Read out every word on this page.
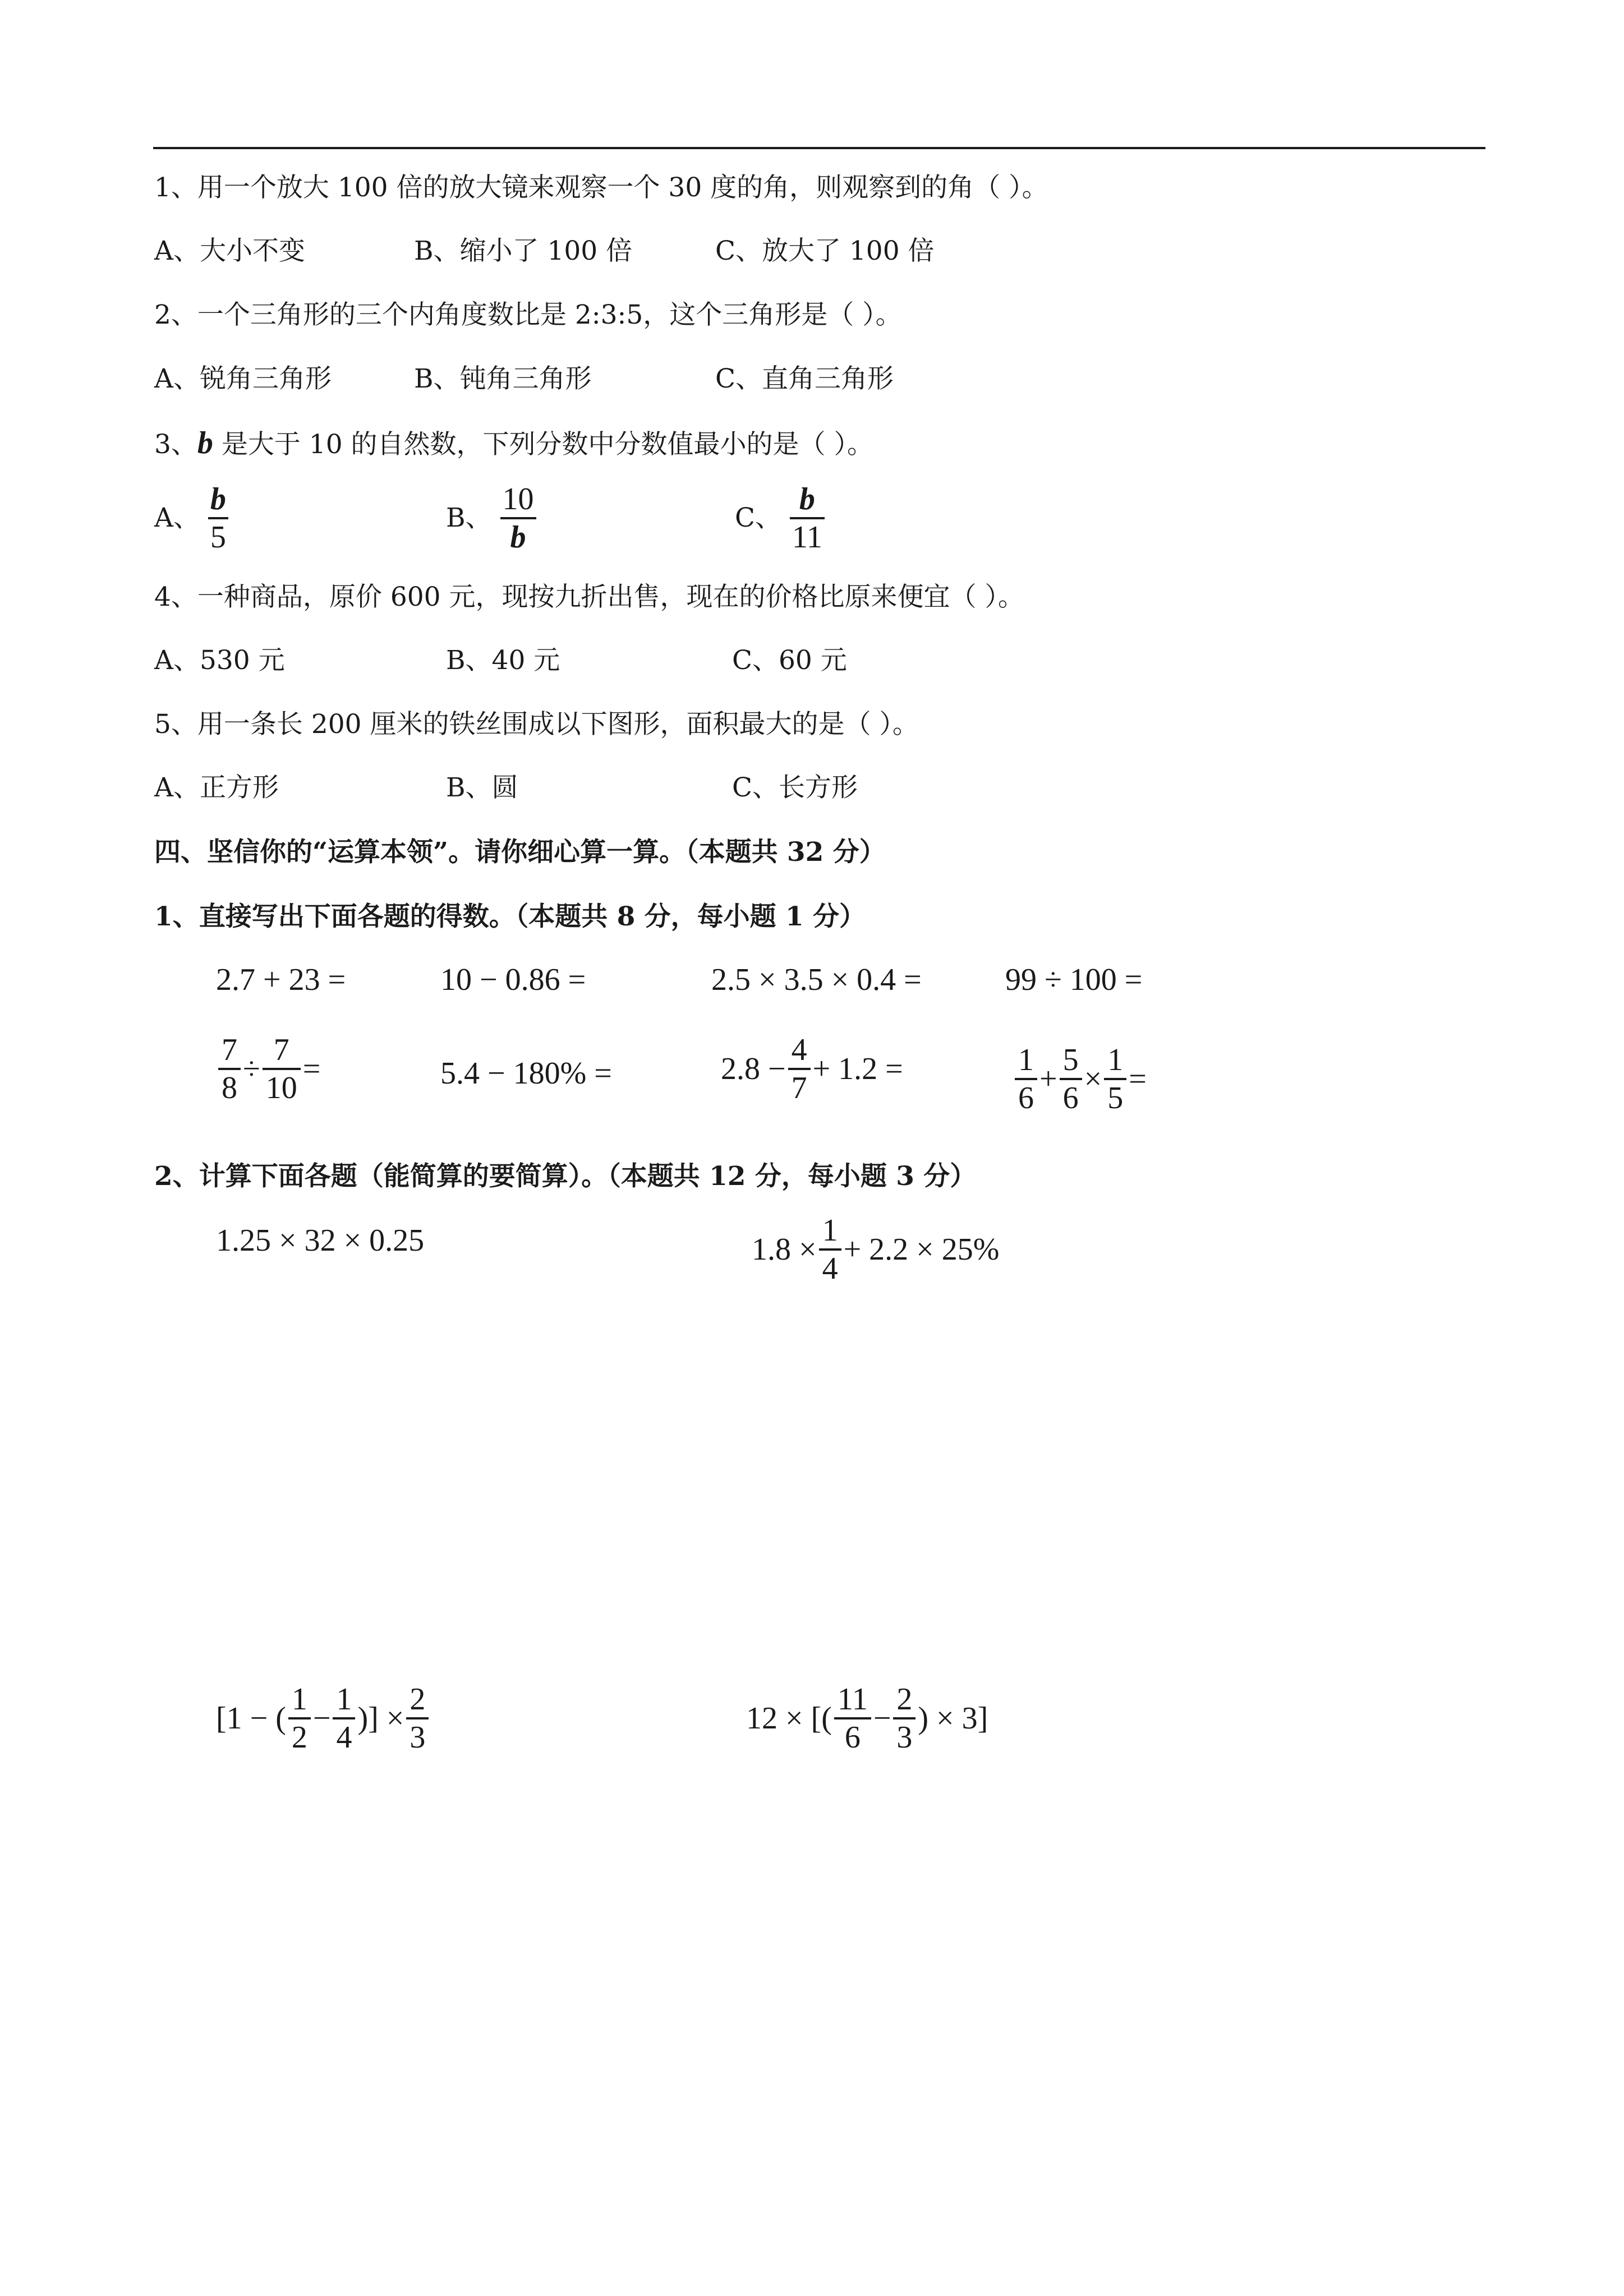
1、用一个放大 100 倍的放大镜来观察一个 30 度的角，则观察到的角（ ）。
A、大小不变	B、缩小了 100 倍	C、放大了 100 倍
2、一个三角形的三个内角度数比是 2:3:5，这个三角形是（ ）。
A、锐角三角形	B、钝角三角形	C、直角三角形
3、b 是大于 10 的自然数，下列分数中分数值最小的是（ ）。
A、 $\frac{b}{5}$	B、 $\frac{10}{b}$	C、 $\frac{b}{11}$
4、一种商品，原价 600 元，现按九折出售，现在的价格比原来便宜（ ）。
A、530 元	B、40 元	C、60 元
5、用一条长 200 厘米的铁丝围成以下图形，面积最大的是（ ）。
A、正方形	B、圆	C、长方形
四、坚信你的“运算本领”。请你细心算一算。（本题共 32 分）
1、直接写出下面各题的得数。（本题共 8 分，每小题 1 分）
2.7 + 23 =	10 − 0.86 =	2.5 × 3.5 × 0.4 =	99 ÷ 100 =
$\frac{7}{8} \div \frac{7}{10}$ =	5.4 − 180% =	$2.8 - \frac{4}{7} + 1.2$ =	$\frac{1}{6} + \frac{5}{6} \times \frac{1}{5}$ =
2、计算下面各题（能简算的要简算）。（本题共 12 分，每小题 3 分）
1.25 × 32 × 0.25	$1.8 \times \frac{1}{4} + 2.2 \times 25\%$
[1 − ( $\frac{1}{2} - \frac{1}{4}$ )] × $\frac{2}{3}$	12 × [( $\frac{11}{6} - \frac{2}{3}$ ) × 3]
